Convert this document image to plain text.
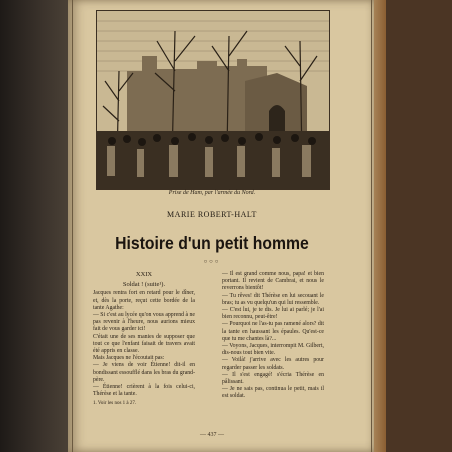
Prise de Ham, par l'armée du Nord.
MARIE ROBERT-HALT
Histoire d'un petit homme
○○○

XXIX

Soldat ! (suite¹).

Jacques rentra fort en retard pour le dîner, et, dès la porte, reçut cette bordée de la tante Agathe:

— Si c'est au lycée qu'on vous apprend à ne pas revenir à l'heure, nous aurions mieux fait de vous garder ici!

C'était une de ses manies de supposer que tout ce que l'enfant faisait de travers avait été appris en classe.

Mais Jacques ne l'écoutait pas:

— Je viens de voir Étienne! dit-il en bondissant essoufflé dans les bras du grand-père.

— Étienne! crièrent à la fois celui-ci, Thérèse et la tante.

1. Voir les nos 1 à 27.

— Il est grand comme nous, papa! et bien portant. Il revient de Cambrai, et nous le reverrons bientôt!

— Tu rêves! dit Thérèse en lui secouant le bras; tu as vu quelqu'un qui lui ressemble.

— C'est lui, je te dis. Je lui ai parlé; je l'ai bien reconnu, peut-être!

— Pourquoi ne l'as-tu pas ramené alors? dit la tante en haussant les épaules. Qu'est-ce que tu me chantes là?...

— Voyons, Jacques, interrompit M. Gilbert, dis-nous tout bien vite.

— Voilà! j'arrive avec les autres pour regarder passer les soldats.

— Il s'est engagé! s'écria Thérèse en pâlissant.

— Je ne sais pas, continua le petit, mais il est soldat.

— 437 —
